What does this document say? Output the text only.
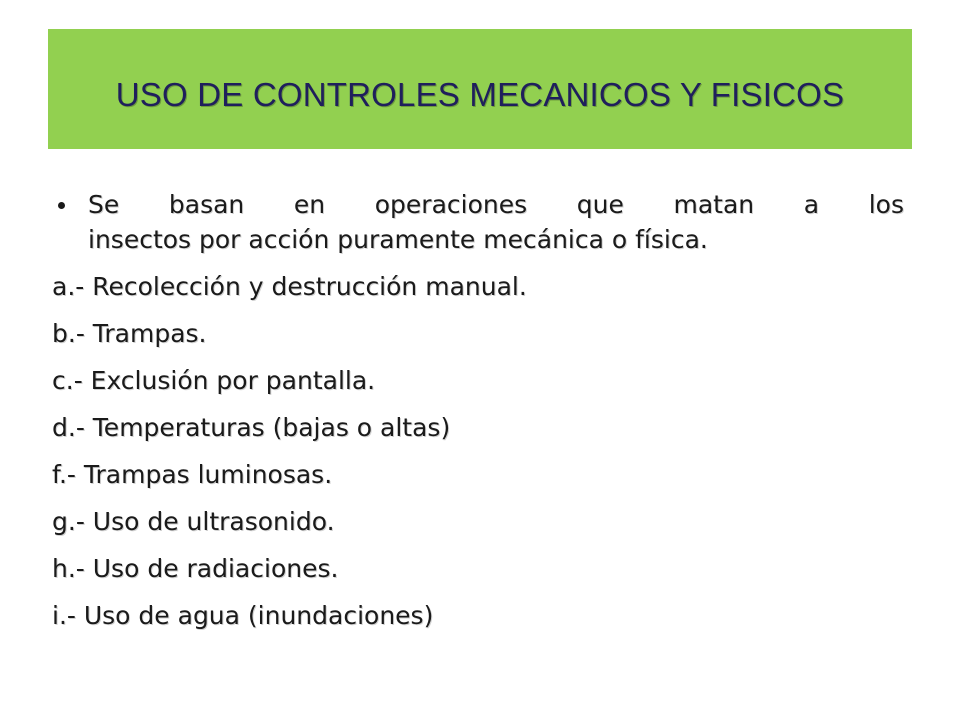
USO DE CONTROLES MECANICOS Y FISICOS
Se basan en operaciones que matan a los
insectos por acción puramente mecánica o física.

a.- Recolección y destrucción manual.

b.- Trampas.

c.- Exclusión por pantalla.

d.- Temperaturas (bajas o altas)

f.- Trampas luminosas.

g.- Uso de ultrasonido.

h.- Uso de radiaciones.

i.- Uso de agua (inundaciones)
